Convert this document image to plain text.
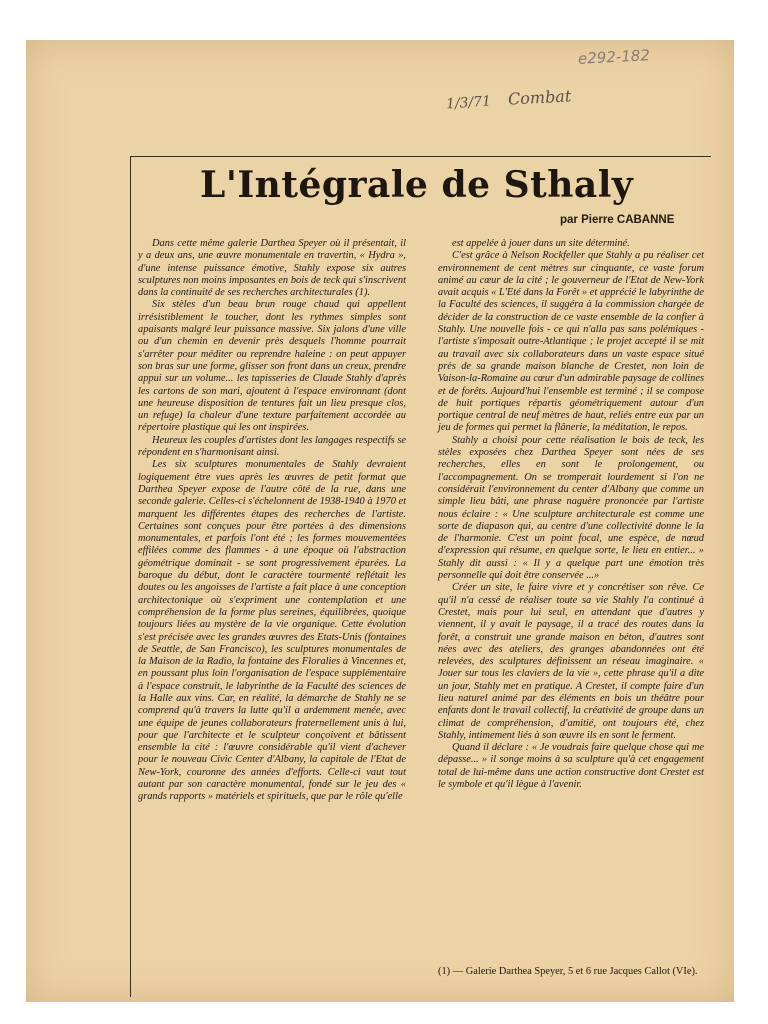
e292-182
1/3/71 Combat
L'Intégrale de Sthaly
par Pierre CABANNE

Dans cette même galerie Darthea Speyer où il présentait, il y a deux ans, une œuvre monumentale en travertin, « Hydra », d'une intense puissance émotive, Stahly expose six autres sculptures non moins imposantes en bois de teck qui s'inscrivent dans la continuité de ses recherches architecturales (1).

Six stèles d'un beau brun rouge chaud qui appellent irrésistiblement le toucher, dont les rythmes simples sont apaisants malgré leur puissance massive. Six jalons d'une ville ou d'un chemin en devenir près desquels l'homme pourrait s'arrêter pour méditer ou reprendre haleine : on peut appuyer son bras sur une forme, glisser son front dans un creux, prendre appui sur un volume... les tapisseries de Claude Stahly d'après les cartons de son mari, ajoutent à l'espace environnant (dont une heureuse disposition de tentures fait un lieu presque clos, un refuge) la chaleur d'une texture parfaitement accordée au répertoire plastique qui les ont inspirées.

Heureux les couples d'artistes dont les langages respectifs se répondent en s'harmonisant ainsi.

Les six sculptures monumentales de Stahly devraient logiquement être vues après les œuvres de petit format que Darthea Speyer expose de l'autre côté de la rue, dans une seconde galerie. Celles-ci s'échelonnent de 1938-1940 à 1970 et marquent les différentes étapes des recherches de l'artiste. Certaines sont conçues pour être portées à des dimensions monumentales, et parfois l'ont été ; les formes mouvementées effilées comme des flammes - à une époque où l'abstraction géométrique dominait - se sont progressivement épurées. La baroque du début, dont le caractère tourmenté reflétait les doutes ou les angoisses de l'artiste a fait place à une conception architectonique où s'expriment une contemplation et une compréhension de la forme plus sereines, équilibrées, quoique toujours liées au mystère de la vie organique. Cette évolution s'est précisée avec les grandes œuvres des Etats-Unis (fontaines de Seattle, de San Francisco), les sculptures monumentales de la Maison de la Radio, la fontaine des Floralies à Vincennes et, en poussant plus loin l'organisation de l'espace supplémentaire à l'espace construit, le labyrinthe de la Faculté des sciences de la Halle aux vins. Car, en réalité, la démarche de Stahly ne se comprend qu'à travers la lutte qu'il a ardemment menée, avec une équipe de jeunes collaborateurs fraternellement unis à lui, pour que l'architecte et le sculpteur conçoivent et bâtissent ensemble la cité : l'œuvre considérable qu'il vient d'achever pour le nouveau Civic Center d'Albany, la capitale de l'Etat de New-York, couronne des années d'efforts. Celle-ci vaut tout autant par son caractère monumental, fondé sur le jeu des « grands rapports » matériels et spirituels, que par le rôle qu'elle

est appelée à jouer dans un site déterminé.

C'est grâce à Nelson Rockfeller que Stahly a pu réaliser cet environnement de cent mètres sur cinquante, ce vaste forum animé au cœur de la cité ; le gouverneur de l'Etat de New-York avait acquis « L'Eté dans la Forêt » et apprécié le labyrinthe de la Faculté des sciences, il suggéra à la commission chargée de décider de la construction de ce vaste ensemble de la confier à Stahly. Une nouvelle fois - ce qui n'alla pas sans polémiques - l'artiste s'imposait outre-Atlantique ; le projet accepté il se mit au travail avec six collaborateurs dans un vaste espace situé près de sa grande maison blanche de Crestet, non loin de Vaison-la-Romaine au cœur d'un admirable paysage de collines et de forêts. Aujourd'hui l'ensemble est terminé ; il se compose de huit portiques répartis géométriquement autour d'un portique central de neuf mètres de haut, reliés entre eux par un jeu de formes qui permet la flânerie, la méditation, le repos.

Stahly a choisi pour cette réalisation le bois de teck, les stèles exposées chez Darthea Speyer sont nées de ses recherches, elles en sont le prolongement, ou l'accompagnement. On se tromperait lourdement si l'on ne considérait l'environnement du center d'Albany que comme un simple lieu bâti, une phrase naguère prononcée par l'artiste nous éclaire : « Une sculpture architecturale est comme une sorte de diapason qui, au centre d'une collectivité donne le la de l'harmonie. C'est un point focal, une espèce, de nœud d'expression qui résume, en quelque sorte, le lieu en entier... » Stahly dit aussi : « Il y a quelque part une émotion très personnelle qui doit être conservée ...»

Créer un site, le faire vivre et y concrétiser son rêve. Ce qu'il n'a cessé de réaliser toute sa vie Stahly l'a continué à Crestet, mais pour lui seul, en attendant que d'autres y viennent, il y avait le paysage, il a tracé des routes dans la forêt, a construit une grande maison en béton, d'autres sont nées avec des ateliers, des granges abandonnées ont été relevées, des sculptures définissent un réseau imaginaire. « Jouer sur tous les claviers de la vie », cette phrase qu'il a dite un jour, Stahly met en pratique. A Crestet, il compte faire d'un lieu naturel animé par des éléments en bois un théâtre pour enfants dont le travail collectif, la créativité de groupe dans un climat de compréhension, d'amitié, ont toujours été, chez Stahly, intimement liés à son œuvre ils en sont le ferment.

Quand il déclare : « Je voudrais faire quelque chose qui me dépasse... » il songe moins à sa sculpture qu'à cet engagement total de lui-même dans une action constructive dont Crestet est le symbole et qu'il lègue à l'avenir.

(1) — Galerie Darthea Speyer, 5 et 6 rue Jacques Callot (VIe).
